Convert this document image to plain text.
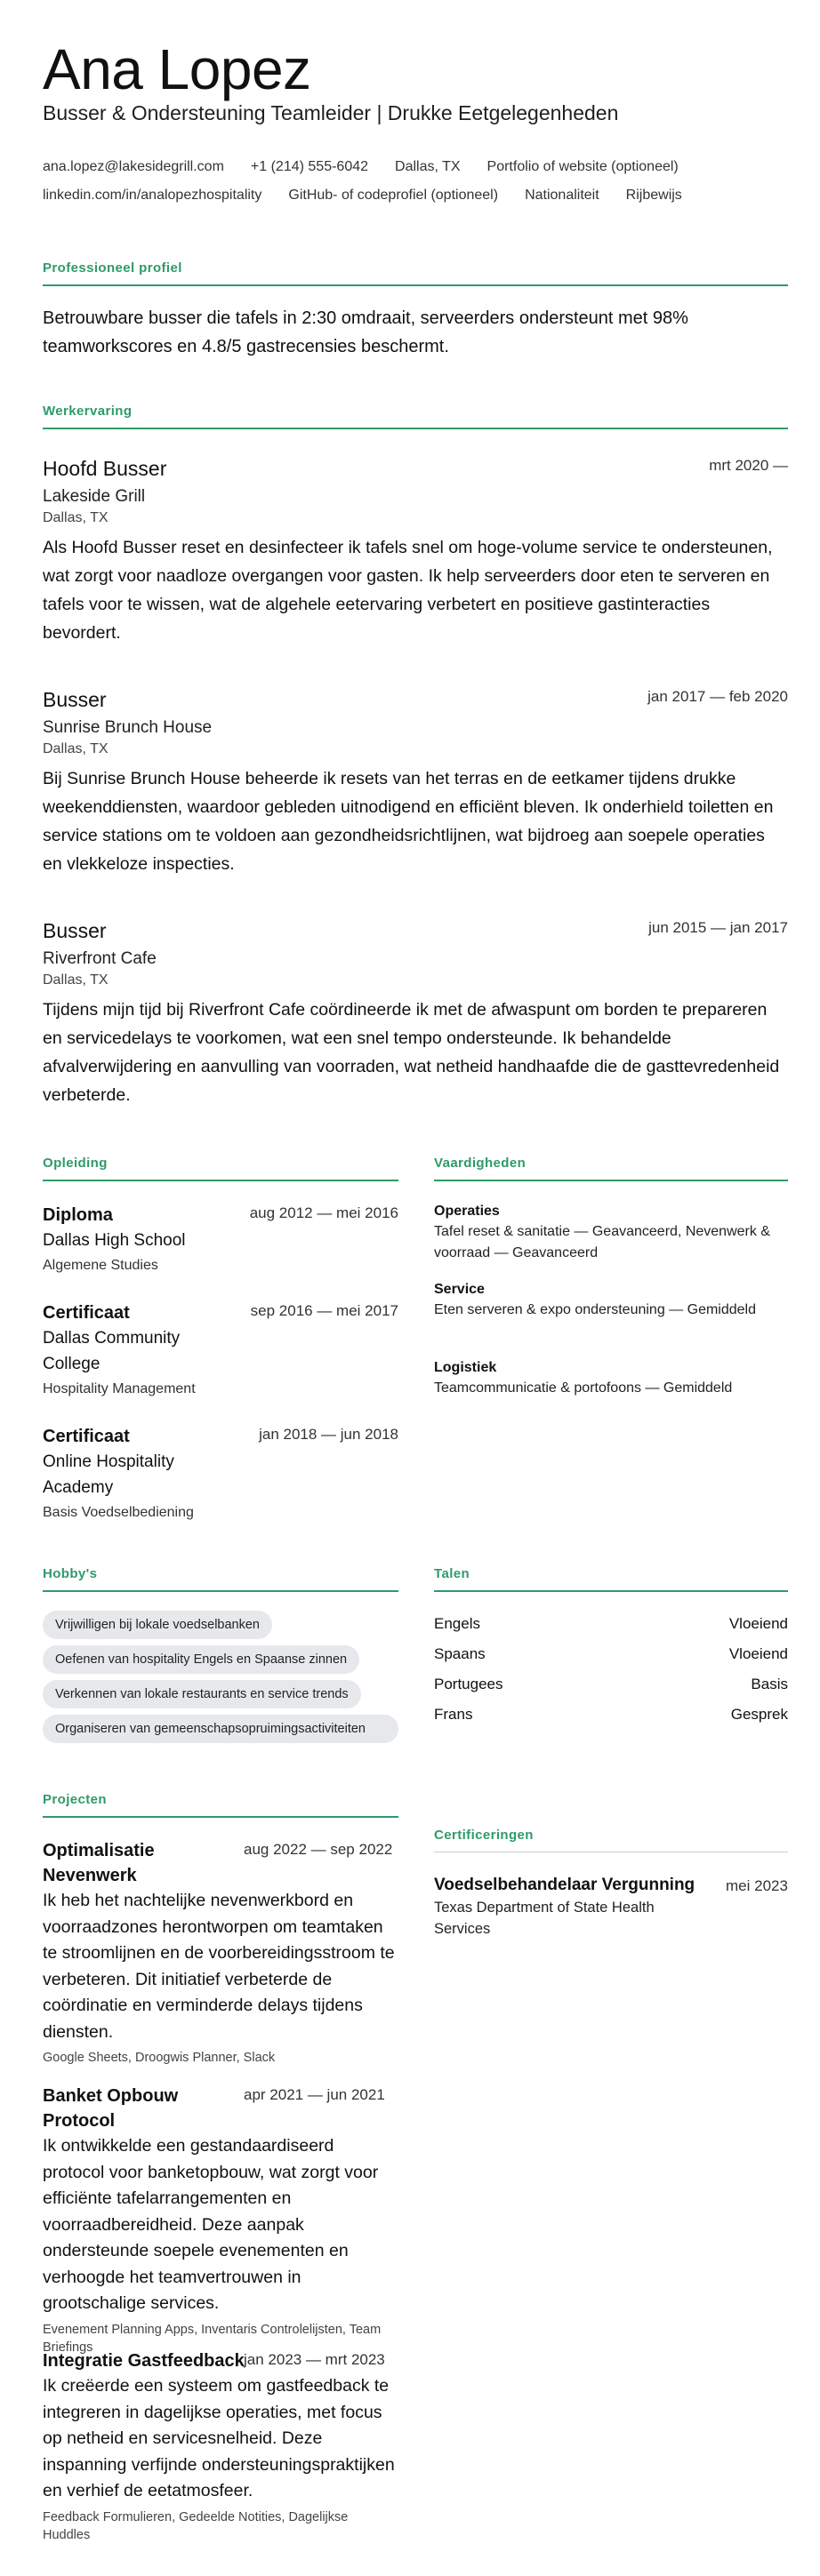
Ana Lopez
Busser & Ondersteuning Teamleider | Drukke Eetgelegenheden
ana.lopez@lakesidegrill.com +1 (214) 555-6042 Dallas, TX Portfolio of website (optioneel)
linkedin.com/in/analopezhospitality GitHub- of codeprofiel (optioneel) Nationaliteit Rijbewijs
Professioneel profiel
Betrouwbare busser die tafels in 2:30 omdraait, serveerders ondersteunt met 98% teamworkscores en 4.8/5 gastrecensies beschermt.
Werkervaring
Hoofd Busser	mrt 2020 —
Lakeside Grill
Dallas, TX
Als Hoofd Busser reset en desinfecteer ik tafels snel om hoge-volume service te ondersteunen, wat zorgt voor naadloze overgangen voor gasten. Ik help serveerders door eten te serveren en tafels voor te wissen, wat de algehele eetervaring verbetert en positieve gastinteracties bevordert.
Busser	jan 2017 — feb 2020
Sunrise Brunch House
Dallas, TX
Bij Sunrise Brunch House beheerde ik resets van het terras en de eetkamer tijdens drukke weekenddiensten, waardoor gebleden uitnodigend en efficiënt bleven. Ik onderhield toiletten en service stations om te voldoen aan gezondheidsrichtlijnen, wat bijdroeg aan soepele operaties en vlekkeloze inspecties.
Busser	jun 2015 — jan 2017
Riverfront Cafe
Dallas, TX
Tijdens mijn tijd bij Riverfront Cafe coördineerde ik met de afwaspunt om borden te prepareren en servicedelays te voorkomen, wat een snel tempo ondersteunde. Ik behandelde afvalverwijdering en aanvulling van voorraden, wat netheid handhaafde die de gasttevredenheid verbeterde.
Opleiding
Diploma	aug 2012 — mei 2016
Dallas High School
Algemene Studies
Certificaat	sep 2016 — mei 2017
Dallas Community College
Hospitality Management
Certificaat	jan 2018 — jun 2018
Online Hospitality Academy
Basis Voedselbediening
Vaardigheden
Operaties
Tafel reset & sanitatie — Geavanceerd, Nevenwerk & voorraad — Geavanceerd
Service
Eten serveren & expo ondersteuning — Gemiddeld
Logistiek
Teamcommunicatie & portofoons — Gemiddeld
Hobby's
Vrijwilligen bij lokale voedselbanken
Oefenen van hospitality Engels en Spaanse zinnen
Verkennen van lokale restaurants en service trends
Organiseren van gemeenschapsopruimingsactiviteiten
Talen
Engels	Vloeiend
Spaans	Vloeiend
Portugees	Basis
Frans	Gesprek
Projecten
Optimalisatie Nevenwerk
aug 2022 — sep 2022
Ik heb het nachtelijke nevenwerkbord en voorraadzones herontworpen om teamtaken te stroomlijnen en de voorbereidingsstroom te verbeteren. Dit initiatief verbeterde de coördinatie en verminderde delays tijdens diensten.
Google Sheets, Droogwis Planner, Slack
Banket Opbouw Protocol
apr 2021 — jun 2021
Ik ontwikkelde een gestandaardiseerd protocol voor banketopbouw, wat zorgt voor efficiënte tafelarrangementen en voorraadbereidheid. Deze aanpak ondersteunde soepele evenementen en verhoogde het teamvertrouwen in grootschalige services.
Evenement Planning Apps, Inventaris Controlelijsten, Team Briefings
Integratie Gastfeedback jan 2023 — mrt 2023
Ik creëerde een systeem om gastfeedback te integreren in dagelijkse operaties, met focus op netheid en servicesnelheid. Deze inspanning verfijnde ondersteuningspraktijken en verhief de eetatmosfeer.
Feedback Formulieren, Gedeelde Notities, Dagelijkse Huddles
Certificeringen
Voedselbehandelaar Vergunning	mei 2023
Texas Department of State Health Services
